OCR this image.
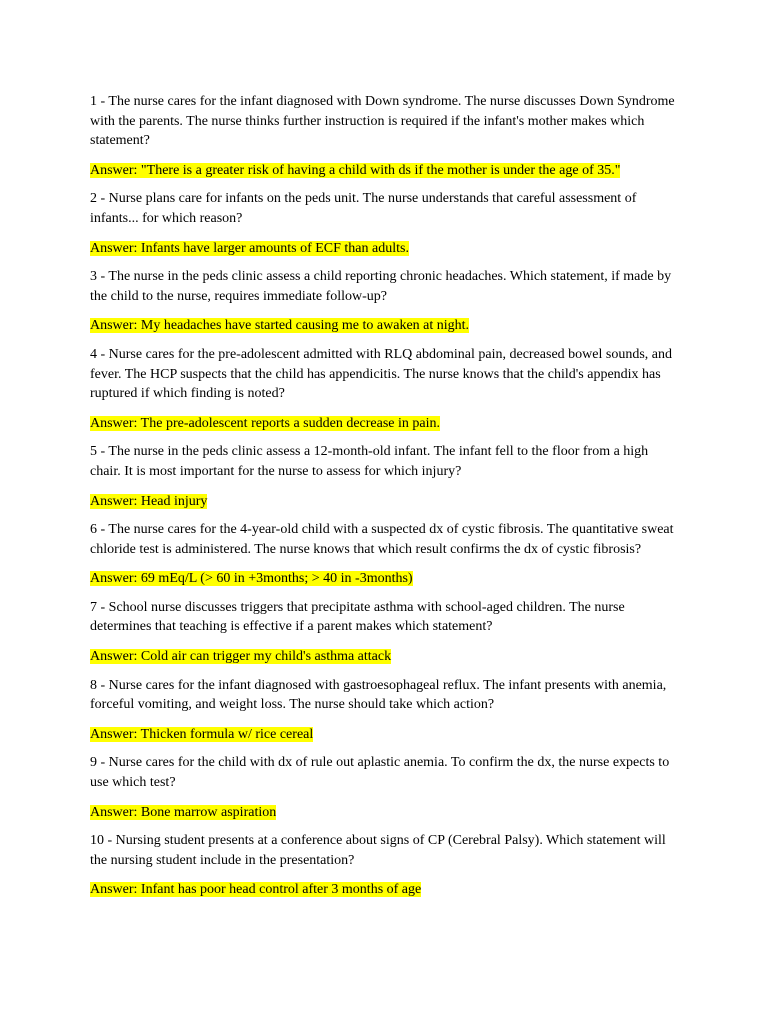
1 - The nurse cares for the infant diagnosed with Down syndrome. The nurse discusses Down Syndrome with the parents. The nurse thinks further instruction is required if the infant's mother makes which statement?

Answer: "There is a greater risk of having a child with ds if the mother is under the age of 35."

2 - Nurse plans care for infants on the peds unit. The nurse understands that careful assessment of infants... for which reason?

Answer: Infants have larger amounts of ECF than adults.

3 - The nurse in the peds clinic assess a child reporting chronic headaches. Which statement, if made by the child to the nurse, requires immediate follow-up?

Answer: My headaches have started causing me to awaken at night.

4 - Nurse cares for the pre-adolescent admitted with RLQ abdominal pain, decreased bowel sounds, and fever. The HCP suspects that the child has appendicitis. The nurse knows that the child's appendix has ruptured if which finding is noted?

Answer: The pre-adolescent reports a sudden decrease in pain.

5 - The nurse in the peds clinic assess a 12-month-old infant. The infant fell to the floor from a high chair. It is most important for the nurse to assess for which injury?

Answer: Head injury

6 - The nurse cares for the 4-year-old child with a suspected dx of cystic fibrosis. The quantitative sweat chloride test is administered. The nurse knows that which result confirms the dx of cystic fibrosis?

Answer: 69 mEq/L (> 60 in +3months; > 40 in -3months)

7 - School nurse discusses triggers that precipitate asthma with school-aged children. The nurse determines that teaching is effective if a parent makes which statement?

Answer: Cold air can trigger my child's asthma attack

8 - Nurse cares for the infant diagnosed with gastroesophageal reflux. The infant presents with anemia, forceful vomiting, and weight loss. The nurse should take which action?

Answer: Thicken formula w/ rice cereal

9 - Nurse cares for the child with dx of rule out aplastic anemia. To confirm the dx, the nurse expects to use which test?

Answer: Bone marrow aspiration

10 - Nursing student presents at a conference about signs of CP (Cerebral Palsy). Which statement will the nursing student include in the presentation?

Answer: Infant has poor head control after 3 months of age
